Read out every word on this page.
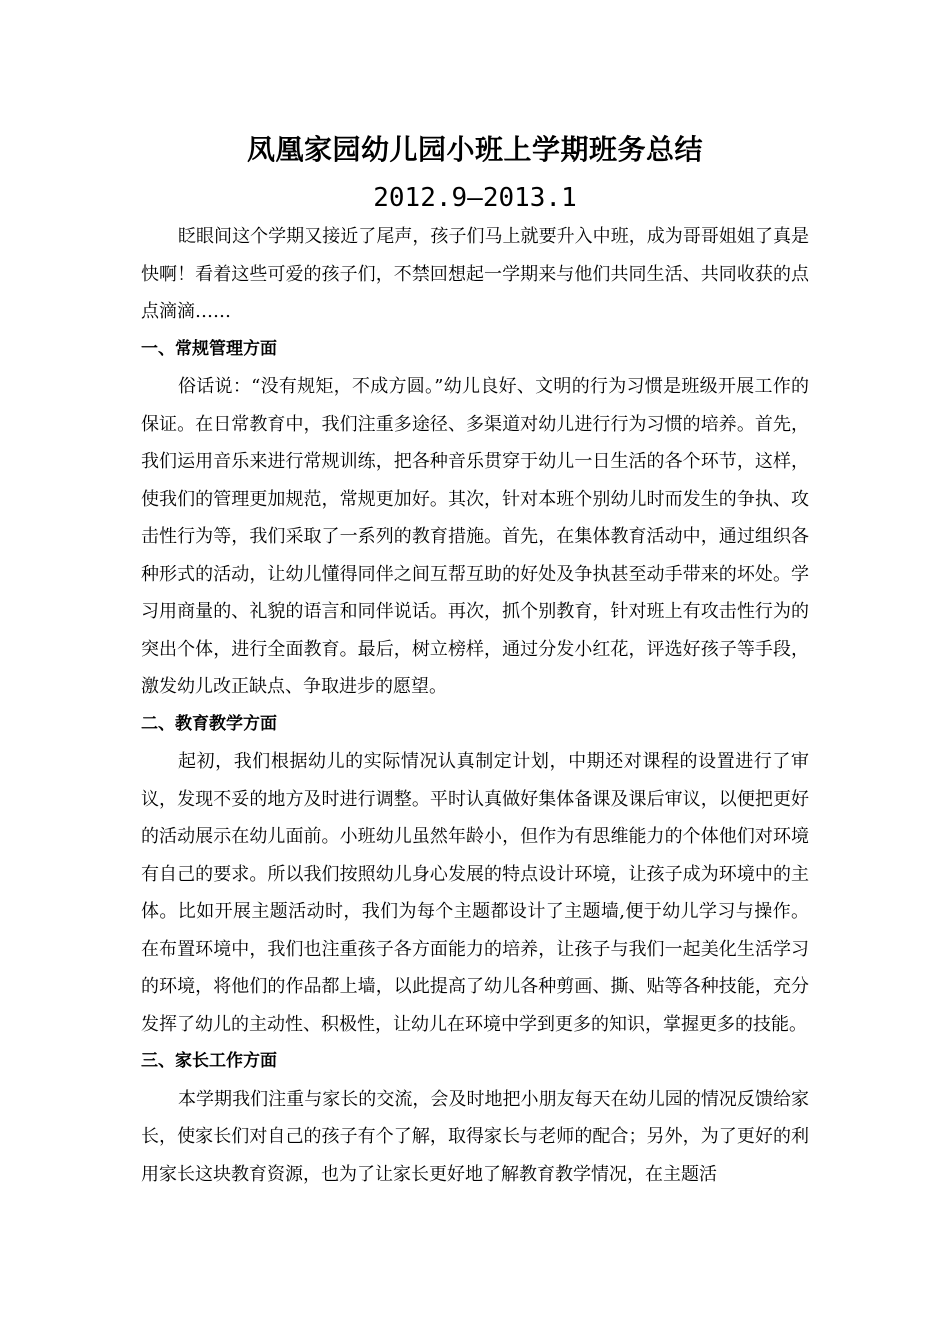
凤凰家园幼儿园小班上学期班务总结
2012.9—2013.1

眨眼间这个学期又接近了尾声，孩子们马上就要升入中班，成为哥哥姐姐了真是快啊！看着这些可爱的孩子们，不禁回想起一学期来与他们共同生活、共同收获的点点滴滴……

一、常规管理方面

俗话说：“没有规矩，不成方圆。”幼儿良好、文明的行为习惯是班级开展工作的保证。在日常教育中，我们注重多途径、多渠道对幼儿进行行为习惯的培养。首先，我们运用音乐来进行常规训练，把各种音乐贯穿于幼儿一日生活的各个环节，这样，使我们的管理更加规范，常规更加好。其次，针对本班个别幼儿时而发生的争执、攻击性行为等，我们采取了一系列的教育措施。首先，在集体教育活动中，通过组织各种形式的活动，让幼儿懂得同伴之间互帮互助的好处及争执甚至动手带来的坏处。学习用商量的、礼貌的语言和同伴说话。再次，抓个别教育，针对班上有攻击性行为的突出个体，进行全面教育。最后，树立榜样，通过分发小红花，评选好孩子等手段，激发幼儿改正缺点、争取进步的愿望。

二、教育教学方面

起初，我们根据幼儿的实际情况认真制定计划，中期还对课程的设置进行了审议，发现不妥的地方及时进行调整。平时认真做好集体备课及课后审议，以便把更好的活动展示在幼儿面前。小班幼儿虽然年龄小，但作为有思维能力的个体他们对环境有自己的要求。所以我们按照幼儿身心发展的特点设计环境，让孩子成为环境中的主体。比如开展主题活动时，我们为每个主题都设计了主题墙,便于幼儿学习与操作。在布置环境中，我们也注重孩子各方面能力的培养，让孩子与我们一起美化生活学习的环境，将他们的作品都上墙，以此提高了幼儿各种剪画、撕、贴等各种技能，充分发挥了幼儿的主动性、积极性，让幼儿在环境中学到更多的知识，掌握更多的技能。

三、家长工作方面

本学期我们注重与家长的交流，会及时地把小朋友每天在幼儿园的情况反馈给家长，使家长们对自己的孩子有个了解，取得家长与老师的配合；另外，为了更好的利用家长这块教育资源，也为了让家长更好地了解教育教学情况，在主题活
